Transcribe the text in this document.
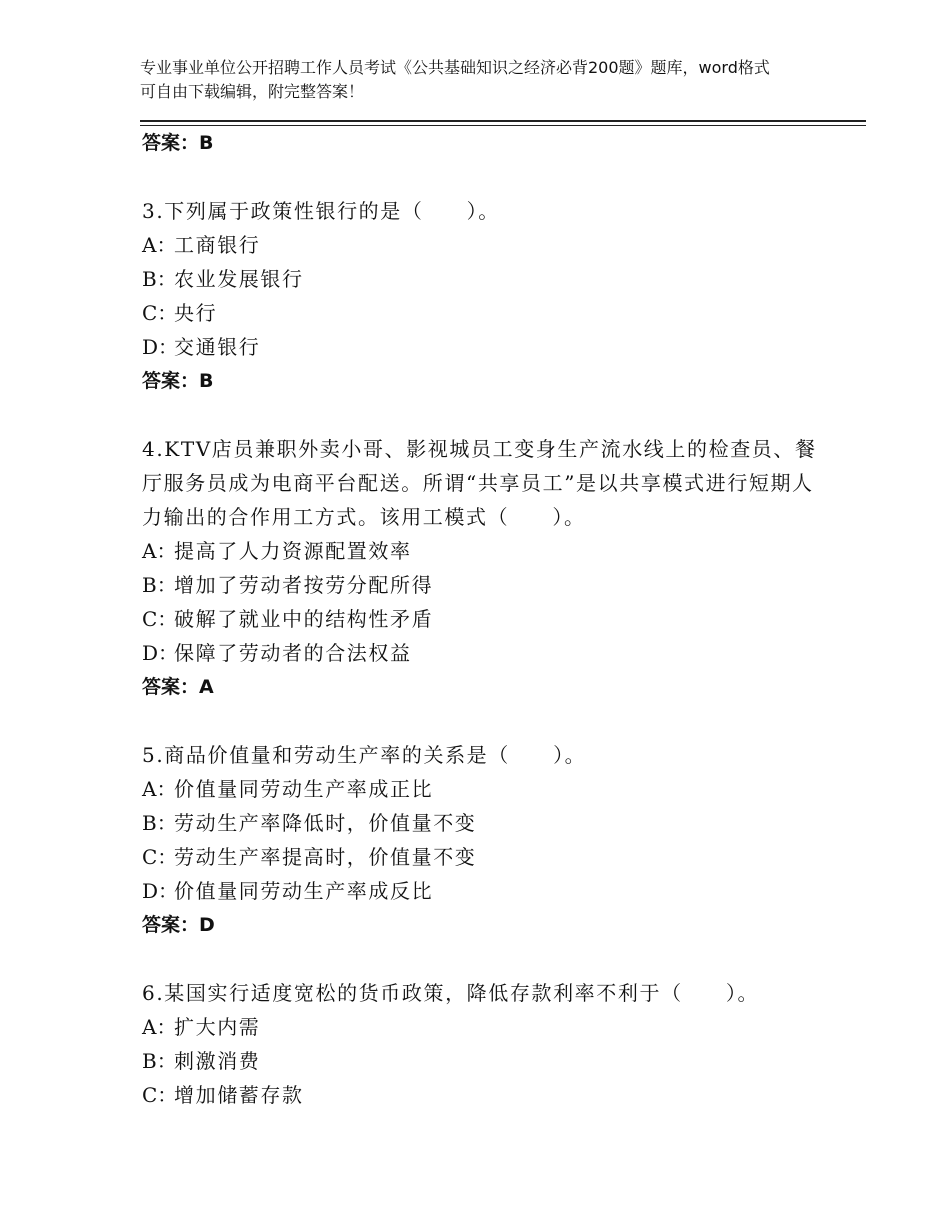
专业事业单位公开招聘工作人员考试《公共基础知识之经济必背200题》题库，word格式可自由下载编辑，附完整答案！
答案：B
3.下列属于政策性银行的是（　　）。
A：工商银行
B：农业发展银行
C：央行
D：交通银行
答案：B
4.KTV店员兼职外卖小哥、影视城员工变身生产流水线上的检查员、餐厅服务员成为电商平台配送。所谓“共享员工”是以共享模式进行短期人力输出的合作用工方式。该用工模式（　　）。
A：提高了人力资源配置效率
B：增加了劳动者按劳分配所得
C：破解了就业中的结构性矛盾
D：保障了劳动者的合法权益
答案：A
5.商品价值量和劳动生产率的关系是（　　）。
A：价值量同劳动生产率成正比
B：劳动生产率降低时，价值量不变
C：劳动生产率提高时，价值量不变
D：价值量同劳动生产率成反比
答案：D
6.某国实行适度宽松的货币政策，降低存款利率不利于（　　）。
A：扩大内需
B：刺激消费
C：增加储蓄存款
